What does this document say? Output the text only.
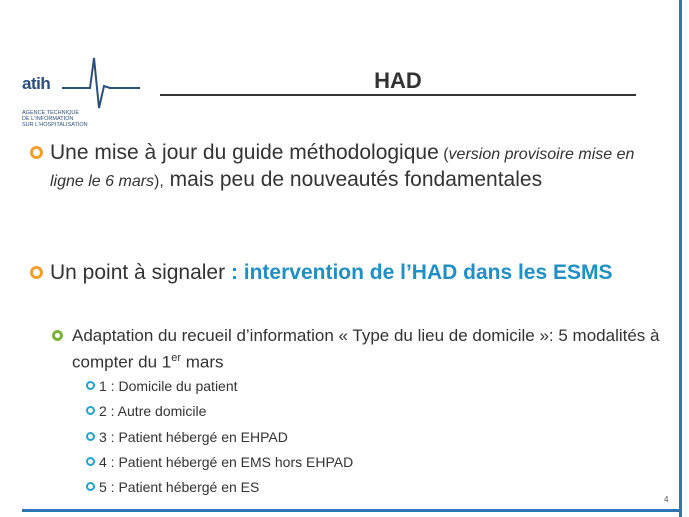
atih
AGENCE TECHNIQUE
DE L'INFORMATION
SUR L'HOSPITALISATION
HAD
Une mise à jour du guide méthodologique (version provisoire mise en ligne le 6 mars), mais peu de nouveautés fondamentales
Un point à signaler : intervention de l’HAD dans les ESMS
Adaptation du recueil d’information « Type du lieu de domicile »: 5 modalités à compter du 1er mars
1 : Domicile du patient
2 : Autre domicile
3 : Patient hébergé en EHPAD
4 : Patient hébergé en EMS hors EHPAD
5 : Patient hébergé en ES
4
